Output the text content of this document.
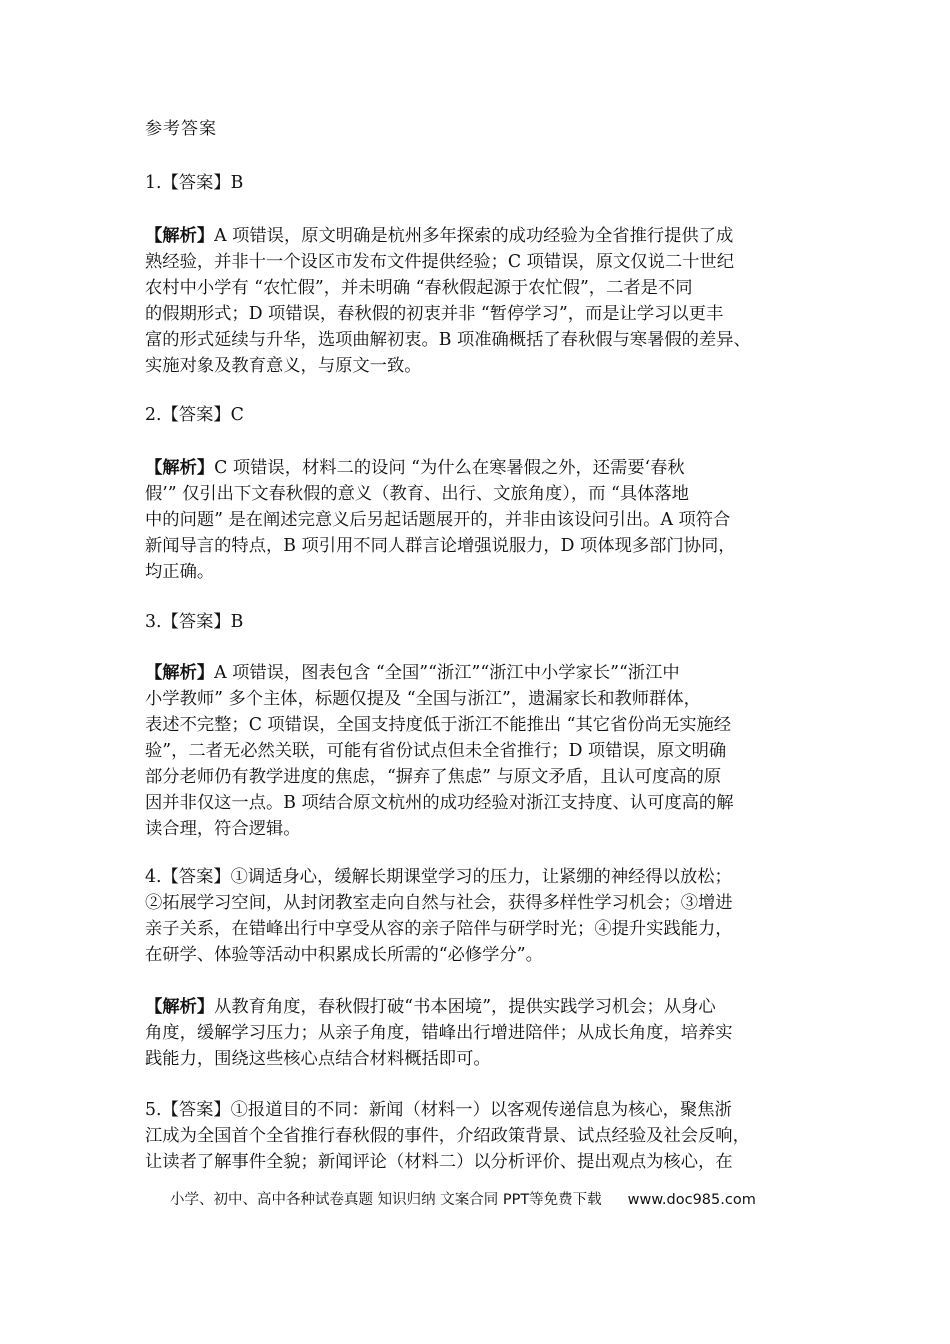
参考答案

1.【答案】B

【解析】A 项错误，原文明确是杭州多年探索的成功经验为全省推行提供了成
熟经验，并非十一个设区市发布文件提供经验；C 项错误，原文仅说二十世纪
农村中小学有 “农忙假”，并未明确 “春秋假起源于农忙假”，二者是不同
的假期形式；D 项错误，春秋假的初衷并非 “暂停学习”，而是让学习以更丰
富的形式延续与升华，选项曲解初衷。B 项准确概括了春秋假与寒暑假的差异、
实施对象及教育意义，与原文一致。

2.【答案】C

【解析】C 项错误，材料二的设问 “为什么在寒暑假之外，还需要‘春秋
假’” 仅引出下文春秋假的意义（教育、出行、文旅角度），而 “具体落地
中的问题” 是在阐述完意义后另起话题展开的，并非由该设问引出。A 项符合
新闻导言的特点，B 项引用不同人群言论增强说服力，D 项体现多部门协同，
均正确。

3.【答案】B

【解析】A 项错误，图表包含 “全国”“浙江”“浙江中小学家长”“浙江中
小学教师” 多个主体，标题仅提及 “全国与浙江”，遗漏家长和教师群体，
表述不完整；C 项错误，全国支持度低于浙江不能推出 “其它省份尚无实施经
验”，二者无必然关联，可能有省份试点但未全省推行；D 项错误，原文明确
部分老师仍有教学进度的焦虑，“摒弃了焦虑” 与原文矛盾，且认可度高的原
因并非仅这一点。B 项结合原文杭州的成功经验对浙江支持度、认可度高的解
读合理，符合逻辑。

4.【答案】①调适身心，缓解长期课堂学习的压力，让紧绷的神经得以放松；
②拓展学习空间，从封闭教室走向自然与社会，获得多样性学习机会；③增进
亲子关系，在错峰出行中享受从容的亲子陪伴与研学时光；④提升实践能力，
在研学、体验等活动中积累成长所需的“必修学分”。

【解析】从教育角度，春秋假打破“书本困境”，提供实践学习机会；从身心
角度，缓解学习压力；从亲子角度，错峰出行增进陪伴；从成长角度，培养实
践能力，围绕这些核心点结合材料概括即可。

5.【答案】①报道目的不同：新闻（材料一）以客观传递信息为核心，聚焦浙
江成为全国首个全省推行春秋假的事件，介绍政策背景、试点经验及社会反响，
让读者了解事件全貌；新闻评论（材料二）以分析评价、提出观点为核心，在

小学、初中、高中各种试卷真题 知识归纳 文案合同 PPT等免费下载 www.doc985.com
